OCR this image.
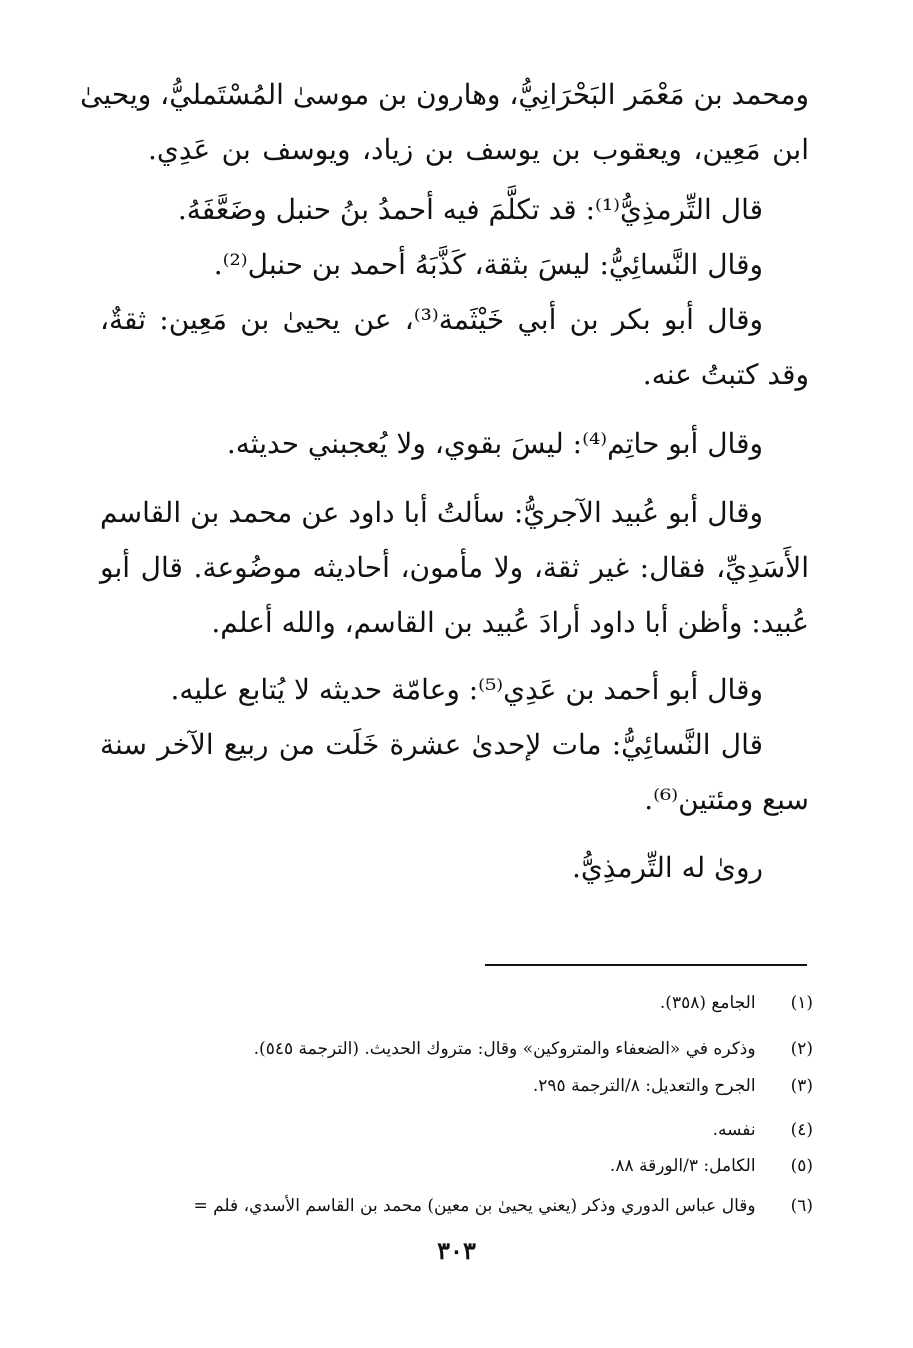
ومحمد بن مَعْمَر البَحْرَانِيُّ، وهارون بن موسىٰ المُسْتَمليُّ، ويحيىٰ
ابن مَعِين، ويعقوب بن يوسف بن زياد، ويوسف بن عَدِي.
قال التِّرمذِيُّ⁽¹⁾: قد تكلَّمَ فيه أحمدُ بنُ حنبل وضَعَّفَهُ.
وقال النَّسائِيُّ: ليسَ بثقة، كَذَّبَهُ أحمد بن حنبل⁽²⁾.
وقال أبو بكر بن أبي خَيْثَمة⁽³⁾، عن يحيىٰ بن مَعِين: ثقةٌ،
وقد كتبتُ عنه.
وقال أبو حاتِم⁽⁴⁾: ليسَ بقوي، ولا يُعجبني حديثه.
وقال أبو عُبيد الآجريُّ: سألتُ أبا داود عن محمد بن القاسم
الأَسَدِيِّ، فقال: غير ثقة، ولا مأمون، أحاديثه موضُوعة. قال أبو
عُبيد: وأظن أبا داود أرادَ عُبيد بن القاسم، والله أعلم.
وقال أبو أحمد بن عَدِي⁽⁵⁾: وعامّة حديثه لا يُتابع عليه.
قال النَّسائِيُّ: مات لإحدىٰ عشرة خَلَت من ربيع الآخر سنة
سبع ومئتين⁽⁶⁾.
روىٰ له التِّرمذِيُّ.
(١) الجامع (٣٥٨).
(٢) وذكره في «الضعفاء والمتروكين» وقال: متروك الحديث. (الترجمة ٥٤٥).
(٣) الجرح والتعديل: ٨/الترجمة ٢٩٥.
(٤) نفسه.
(٥) الكامل: ٣/الورقة ٨٨.
(٦) وقال عباس الدوري وذكر (يعني يحيىٰ بن معين) محمد بن القاسم الأسدي، فلم =
٣٠٣
